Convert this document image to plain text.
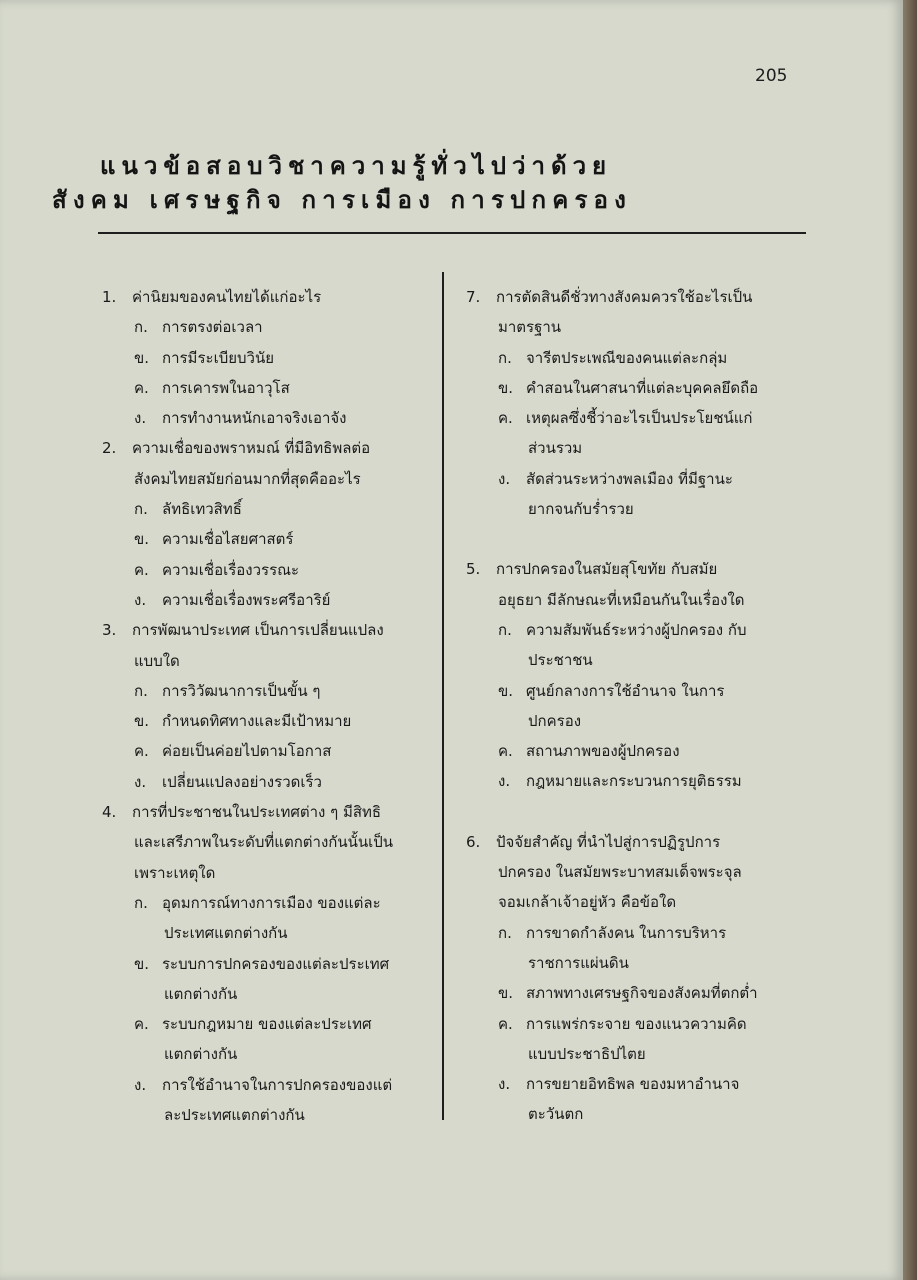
205
แนวข้อสอบวิชาความรู้ทั่วไปว่าด้วย
สังคม เศรษฐกิจ การเมือง การปกครอง
1. ค่านิยมของคนไทยได้แก่อะไร
ก. การตรงต่อเวลา
ข. การมีระเบียบวินัย
ค. การเคารพในอาวุโส
ง. การทำงานหนักเอาจริงเอาจัง
2. ความเชื่อของพราหมณ์ ที่มีอิทธิพลต่อ
สังคมไทยสมัยก่อนมากที่สุดคืออะไร
ก. ลัทธิเทวสิทธิ์
ข. ความเชื่อไสยศาสตร์
ค. ความเชื่อเรื่องวรรณะ
ง. ความเชื่อเรื่องพระศรีอาริย์
3. การพัฒนาประเทศ เป็นการเปลี่ยนแปลง
แบบใด
ก. การวิวัฒนาการเป็นขั้น ๆ
ข. กำหนดทิศทางและมีเป้าหมาย
ค. ค่อยเป็นค่อยไปตามโอกาส
ง. เปลี่ยนแปลงอย่างรวดเร็ว
4. การที่ประชาชนในประเทศต่าง ๆ มีสิทธิ
และเสรีภาพในระดับที่แตกต่างกันนั้นเป็น
เพราะเหตุใด
ก. อุดมการณ์ทางการเมือง ของแต่ละ
ประเทศแตกต่างกัน
ข. ระบบการปกครองของแต่ละประเทศ
แตกต่างกัน
ค. ระบบกฎหมาย ของแต่ละประเทศ
แตกต่างกัน
ง. การใช้อำนาจในการปกครองของแต่
ละประเทศแตกต่างกัน
7. การตัดสินดีชั่วทางสังคมควรใช้อะไรเป็น
มาตรฐาน
ก. จารีตประเพณีของคนแต่ละกลุ่ม
ข. คำสอนในศาสนาที่แต่ละบุคคลยึดถือ
ค. เหตุผลซึ่งชี้ว่าอะไรเป็นประโยชน์แก่
ส่วนรวม
ง. สัดส่วนระหว่างพลเมือง ที่มีฐานะ
ยากจนกับร่ำรวย
5. การปกครองในสมัยสุโขทัย กับสมัย
อยุธยา มีลักษณะที่เหมือนกันในเรื่องใด
ก. ความสัมพันธ์ระหว่างผู้ปกครอง กับ
ประชาชน
ข. ศูนย์กลางการใช้อำนาจ ในการ
ปกครอง
ค. สถานภาพของผู้ปกครอง
ง. กฎหมายและกระบวนการยุติธรรม
6. ปัจจัยสำคัญ ที่นำไปสู่การปฏิรูปการ
ปกครอง ในสมัยพระบาทสมเด็จพระจุล
จอมเกล้าเจ้าอยู่หัว คือข้อใด
ก. การขาดกำลังคน ในการบริหาร
ราชการแผ่นดิน
ข. สภาพทางเศรษฐกิจของสังคมที่ตกต่ำ
ค. การแพร่กระจาย ของแนวความคิด
แบบประชาธิปไตย
ง. การขยายอิทธิพล ของมหาอำนาจ
ตะวันตก
